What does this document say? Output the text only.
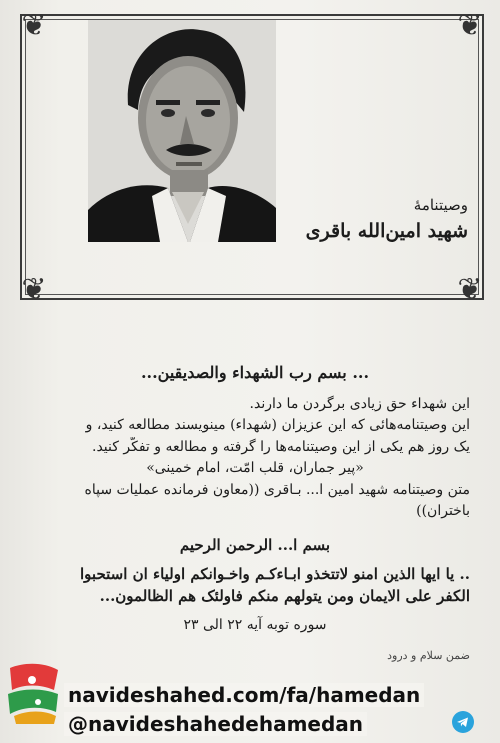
❦	❦
❦	❦
وصیتنامهٔ
شهید امین‌الله باقری
... بسم رب الشهداء والصدیقین...
این شهداء حق زیادی برگردن ما دارند.
این وصیتنامه‌هائی که این عزیزان (شهداء) مینویسند مطالعه کنید، و
یک روز هم یکی از این وصیتنامه‌ها را گرفته و مطالعه و تفکّر کنید.
«پیر جماران، قلب امّت، امام خمینی»
متن وصیتنامه شهید امین ا... بـاقری ((معاون فرمانده عملیات سپاه
باختران))
بسم ا... الرحمن الرحیم
.. یا ایها الذین امنو لاتتخذو ابـاءکـم واخـوانکم اولیاء ان استحبوا
الکفر علی الایمان ومن یتولهم منکم فاولئک هم الظالمون...
سوره توبه آیه ۲۲ الی ۲۳
ضمن سلام و درود
navideshahed.com/fa/hamedan
@navideshahedehamedan
